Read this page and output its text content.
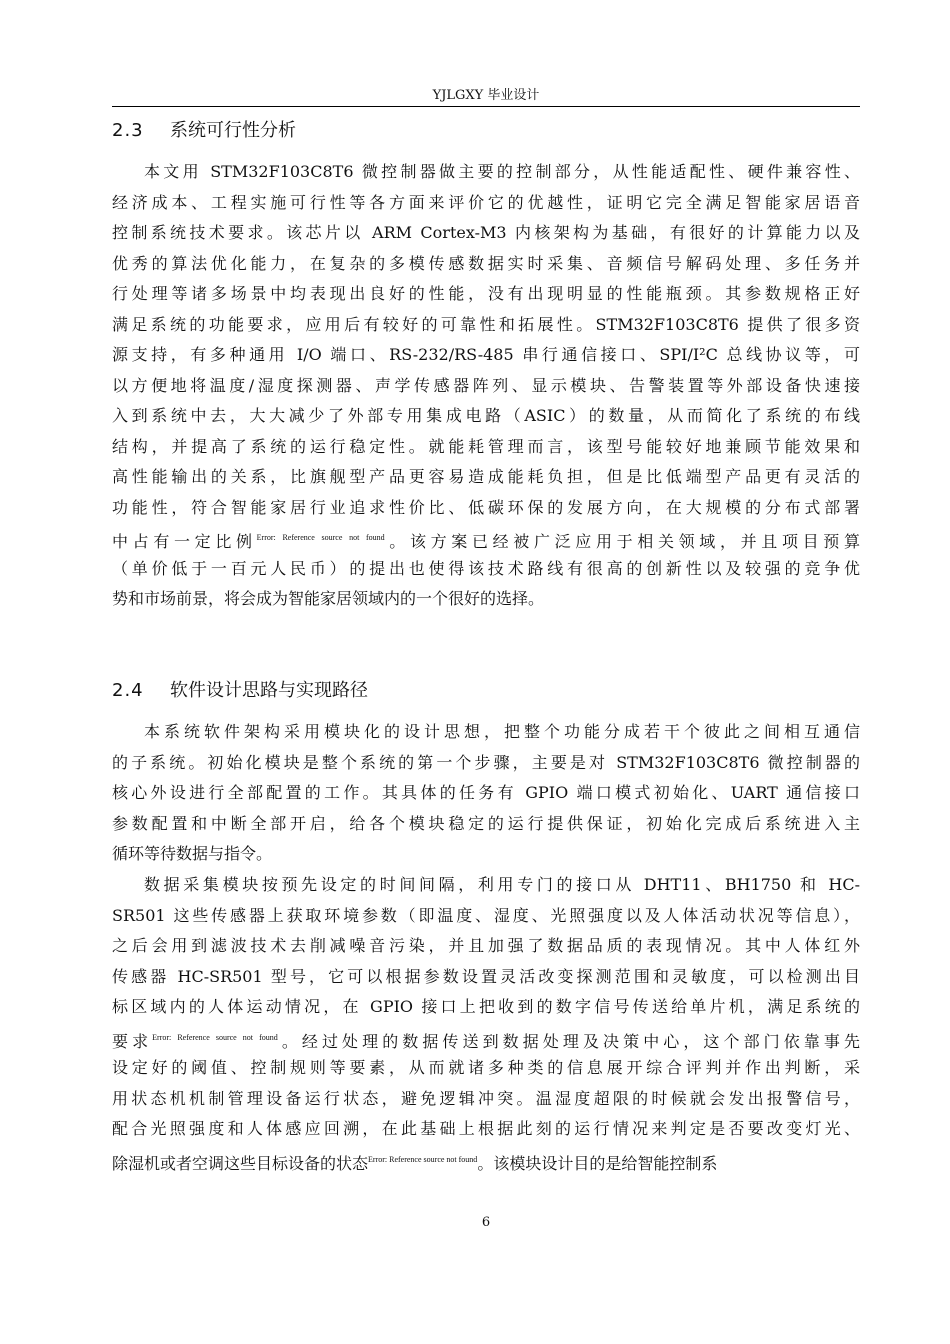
YJLGXY 毕业设计
2.3 系统可行性分析
本文用 STM32F103C8T6 微控制器做主要的控制部分，从性能适配性、硬件兼容性、
经济成本、工程实施可行性等各方面来评价它的优越性，证明它完全满足智能家居语音
控制系统技术要求。该芯片以 ARM Cortex-M3 内核架构为基础，有很好的计算能力以及
优秀的算法优化能力，在复杂的多模传感数据实时采集、音频信号解码处理、多任务并
行处理等诸多场景中均表现出良好的性能，没有出现明显的性能瓶颈。其参数规格正好
满足系统的功能要求，应用后有较好的可靠性和拓展性。STM32F103C8T6 提供了很多资
源支持，有多种通用 I/O 端口、RS-232/RS-485 串行通信接口、SPI/I²C 总线协议等，可
以方便地将温度/湿度探测器、声学传感器阵列、显示模块、告警装置等外部设备快速接
入到系统中去，大大减少了外部专用集成电路（ASIC）的数量，从而简化了系统的布线
结构，并提高了系统的运行稳定性。就能耗管理而言，该型号能较好地兼顾节能效果和
高性能输出的关系，比旗舰型产品更容易造成能耗负担，但是比低端型产品更有灵活的
功能性，符合智能家居行业追求性价比、低碳环保的发展方向，在大规模的分布式部署
中占有一定比例$^{Error: Reference source not found}$。该方案已经被广泛应用于相关领域，并且项目预算
（单价低于一百元人民币）的提出也使得该技术路线有很高的创新性以及较强的竞争优
势和市场前景，将会成为智能家居领域内的一个很好的选择。
2.4 软件设计思路与实现路径
本系统软件架构采用模块化的设计思想，把整个功能分成若干个彼此之间相互通信
的子系统。初始化模块是整个系统的第一个步骤，主要是对 STM32F103C8T6 微控制器的
核心外设进行全部配置的工作。其具体的任务有 GPIO 端口模式初始化、UART 通信接口
参数配置和中断全部开启，给各个模块稳定的运行提供保证，初始化完成后系统进入主
循环等待数据与指令。
数据采集模块按预先设定的时间间隔，利用专门的接口从 DHT11、BH1750 和 HC-
SR501 这些传感器上获取环境参数（即温度、湿度、光照强度以及人体活动状况等信息），
之后会用到滤波技术去削减噪音污染，并且加强了数据品质的表现情况。其中人体红外
传感器 HC-SR501 型号，它可以根据参数设置灵活改变探测范围和灵敏度，可以检测出目
标区域内的人体运动情况，在 GPIO 接口上把收到的数字信号传送给单片机，满足系统的
要求$^{Error: Reference source not found}$。经过处理的数据传送到数据处理及决策中心，这个部门依靠事先
设定好的阈值、控制规则等要素，从而就诸多种类的信息展开综合评判并作出判断，采
用状态机机制管理设备运行状态，避免逻辑冲突。温湿度超限的时候就会发出报警信号，
配合光照强度和人体感应回溯，在此基础上根据此刻的运行情况来判定是否要改变灯光、
除湿机或者空调这些目标设备的状态$^{Error: Reference source not found}$。该模块设计目的是给智能控制系
6
